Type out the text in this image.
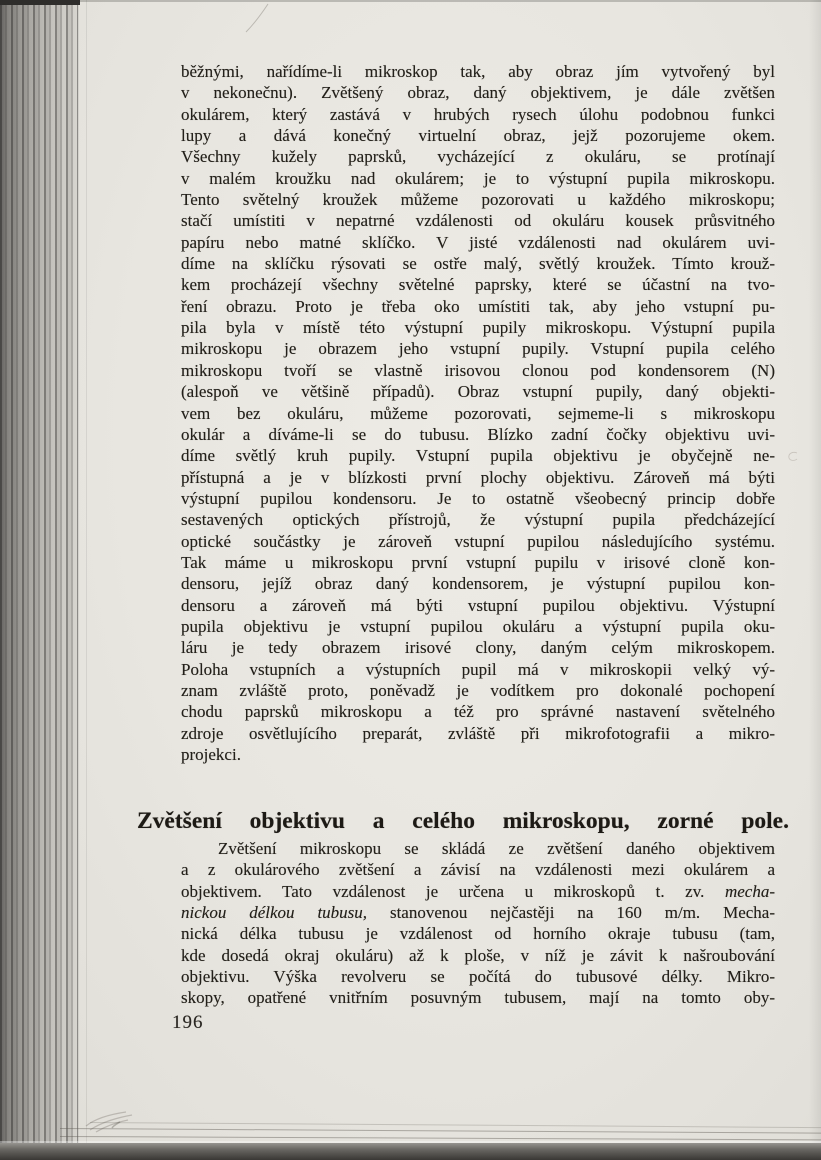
běžnými, nařídíme-li mikroskop tak, aby obraz jím vytvořený byl
v nekonečnu). Zvětšený obraz, daný objektivem, je dále zvětšen
okulárem, který zastává v hrubých rysech úlohu podobnou funkci
lupy a dává konečný virtuelní obraz, jejž pozorujeme okem.
Všechny kužely paprsků, vycházející z okuláru, se protínají
v malém kroužku nad okulárem; je to výstupní pupila mikroskopu.
Tento světelný kroužek můžeme pozorovati u každého mikroskopu;
stačí umístiti v nepatrné vzdálenosti od okuláru kousek průsvitného
papíru nebo matné sklíčko. V jisté vzdálenosti nad okulárem uvi-
díme na sklíčku rýsovati se ostře malý, světlý kroužek. Tímto krouž-
kem procházejí všechny světelné paprsky, které se účastní na tvo-
ření obrazu. Proto je třeba oko umístiti tak, aby jeho vstupní pu-
pila byla v místě této výstupní pupily mikroskopu. Výstupní pupila
mikroskopu je obrazem jeho vstupní pupily. Vstupní pupila celého
mikroskopu tvoří se vlastně irisovou clonou pod kondensorem (N)
(alespoň ve většině případů). Obraz vstupní pupily, daný objekti-
vem bez okuláru, můžeme pozorovati, sejmeme-li s mikroskopu
okulár a díváme-li se do tubusu. Blízko zadní čočky objektivu uvi-
díme světlý kruh pupily. Vstupní pupila objektivu je obyčejně ne-
přístupná a je v blízkosti první plochy objektivu. Zároveň má býti
výstupní pupilou kondensoru. Je to ostatně všeobecný princip dobře
sestavených optických přístrojů, že výstupní pupila předcházející
optické součástky je zároveň vstupní pupilou následujícího systému.
Tak máme u mikroskopu první vstupní pupilu v irisové cloně kon-
densoru, jejíž obraz daný kondensorem, je výstupní pupilou kon-
densoru a zároveň má býti vstupní pupilou objektivu. Výstupní
pupila objektivu je vstupní pupilou okuláru a výstupní pupila oku-
láru je tedy obrazem irisové clony, daným celým mikroskopem.
Poloha vstupních a výstupních pupil má v mikroskopii velký vý-
znam zvláště proto, poněvadž je vodítkem pro dokonalé pochopení
chodu paprsků mikroskopu a též pro správné nastavení světelného
zdroje osvětlujícího preparát, zvláště při mikrofotografii a mikro-
projekci.
Zvětšení objektivu a celého mikroskopu, zorné pole.
Zvětšení mikroskopu se skládá ze zvětšení daného objektivem
a z okulárového zvětšení a závisí na vzdálenosti mezi okulárem a
objektivem. Tato vzdálenost je určena u mikroskopů t. zv. mecha-
nickou délkou tubusu, stanovenou nejčastěji na 160 m/m. Mecha-
nická délka tubusu je vzdálenost od horního okraje tubusu (tam,
kde dosedá okraj okuláru) až k ploše, v níž je závit k našroubování
objektivu. Výška revolveru se počítá do tubusové délky. Mikro-
skopy, opatřené vnitřním posuvným tubusem, mají na tomto oby-
196
